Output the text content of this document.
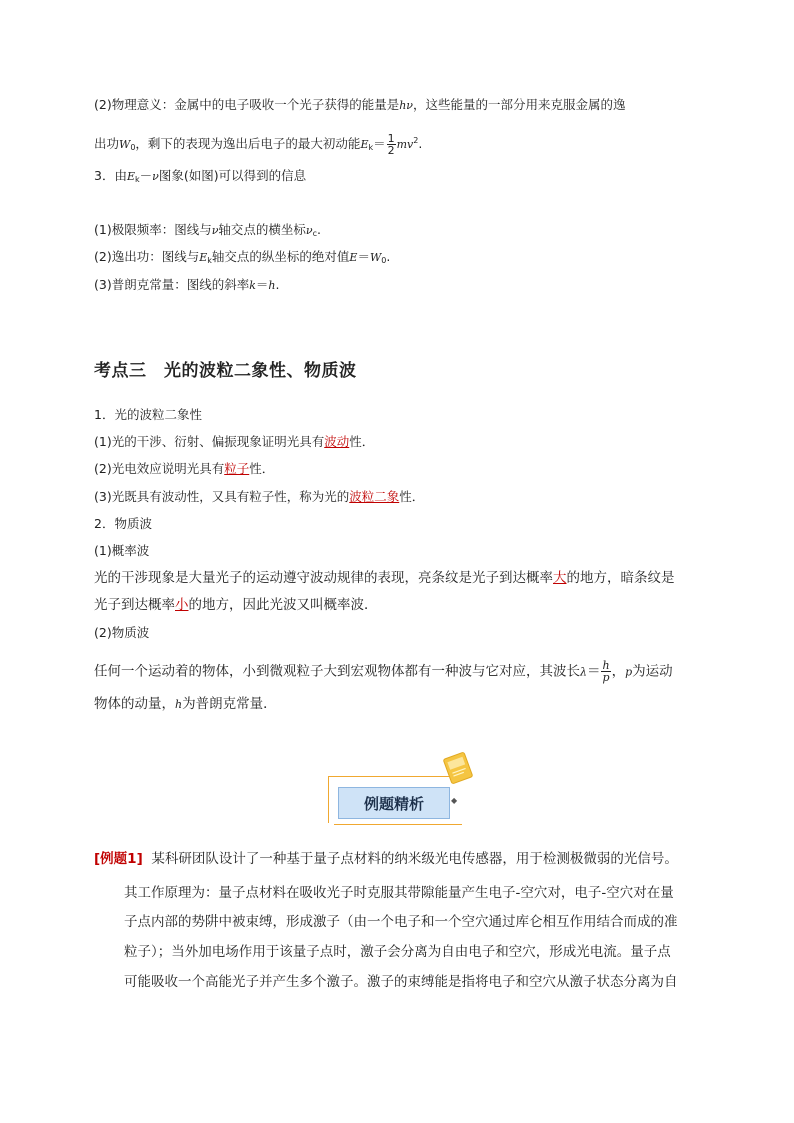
(2)物理意义：金属中的电子吸收一个光子获得的能量是hν，这些能量的一部分用来克服金属的逸
出功$W_0$，剩下的表现为逸出后电子的最大初动能$E_k= \frac{1}{2} mv^2$.
3．由$E_k-\nu$图象(如图)可以得到的信息
(1)极限频率：图线与ν轴交点的横坐标$\nu_c$.
(2)逸出功：图线与$E_k$轴交点的纵坐标的绝对值$E=W_0$.
(3)普朗克常量：图线的斜率k＝h.
考点三　光的波粒二象性、物质波
1．光的波粒二象性
(1)光的干涉、衍射、偏振现象证明光具有波动性．
(2)光电效应说明光具有粒子性．
(3)光既具有波动性，又具有粒子性，称为光的波粒二象性．
2．物质波
(1)概率波
光的干涉现象是大量光子的运动遵守波动规律的表现，亮条纹是光子到达概率大的地方，暗条纹是
光子到达概率小的地方，因此光波又叫概率波．
(2)物质波
任何一个运动着的物体，小到微观粒子大到宏观物体都有一种波与它对应，其波长$\lambda= \frac{h}{p}$ ，p为运动
物体的动量，h为普朗克常量．
例题精析	◆
[例题1] 某科研团队设计了一种基于量子点材料的纳米级光电传感器，用于检测极微弱的光信号。
其工作原理为：量子点材料在吸收光子时克服其带隙能量产生电子-空穴对，电子-空穴对在量
子点内部的势阱中被束缚，形成激子（由一个电子和一个空穴通过库仑相互作用结合而成的准
粒子）；当外加电场作用于该量子点时，激子会分离为自由电子和空穴，形成光电流。量子点
可能吸收一个高能光子并产生多个激子。激子的束缚能是指将电子和空穴从激子状态分离为自
